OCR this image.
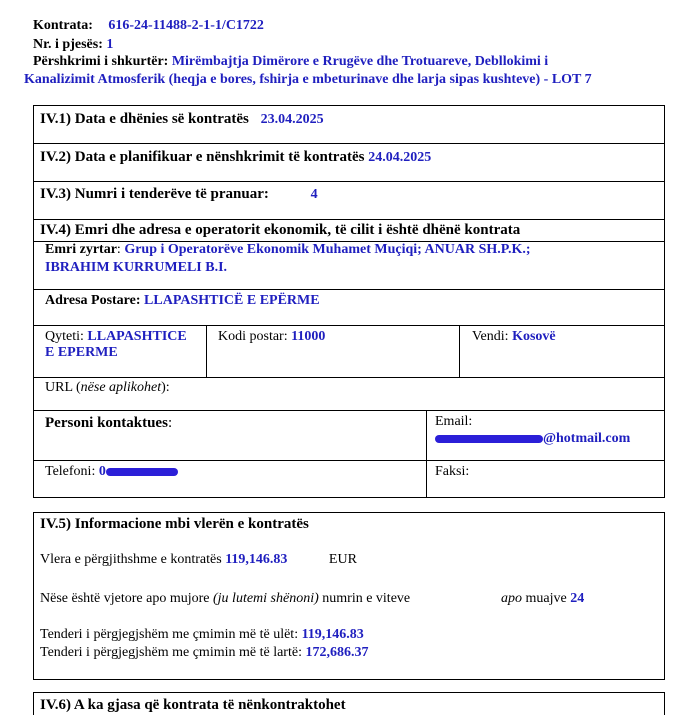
Kontrata: 616-24-11488-2-1-1/C1722
Nr. i pjesës: 1
Përshkrimi i shkurtër: Mirëmbajtja Dimërore e Rrugëve dhe Trotuareve, Debllokimi i
Kanalizimit Atmosferik (heqja e bores, fshirja e mbeturinave dhe larja sipas kushteve) - LOT 7
IV.1) Data e dhënies së kontratës 23.04.2025
IV.2) Data e planifikuar e nënshkrimit të kontratës 24.04.2025
IV.3) Numri i tenderëve të pranuar:	4
IV.4) Emri dhe adresa e operatorit ekonomik, të cilit i është dhënë kontrata
Emri zyrtar: Grup i Operatorëve Ekonomik Muhamet Muçiqi; ANUAR SH.P.K.;
IBRAHIM KURRUMELI B.I.
Adresa Postare: LLAPASHTICË E EPËRME
Qyteti: LLAPASHTICE
E EPERME
Kodi postar: 11000	Vendi: Kosovë
URL (nëse aplikohet):
Personi kontaktues:	Email:
@hotmail.com
Telefoni: 0	Faksi:
IV.5) Informacione mbi vlerën e kontratës
Vlera e përgjithshme e kontratës 119,146.83	EUR
Nëse është vjetore apo mujore (ju lutemi shënoni) numrin e viteve	apo muajve 24
Tenderi i përgjegjshëm me çmimin më të ulët: 119,146.83
Tenderi i përgjegjshëm me çmimin më të lartë: 172,686.37
IV.6) A ka gjasa që kontrata të nënkontraktohet
